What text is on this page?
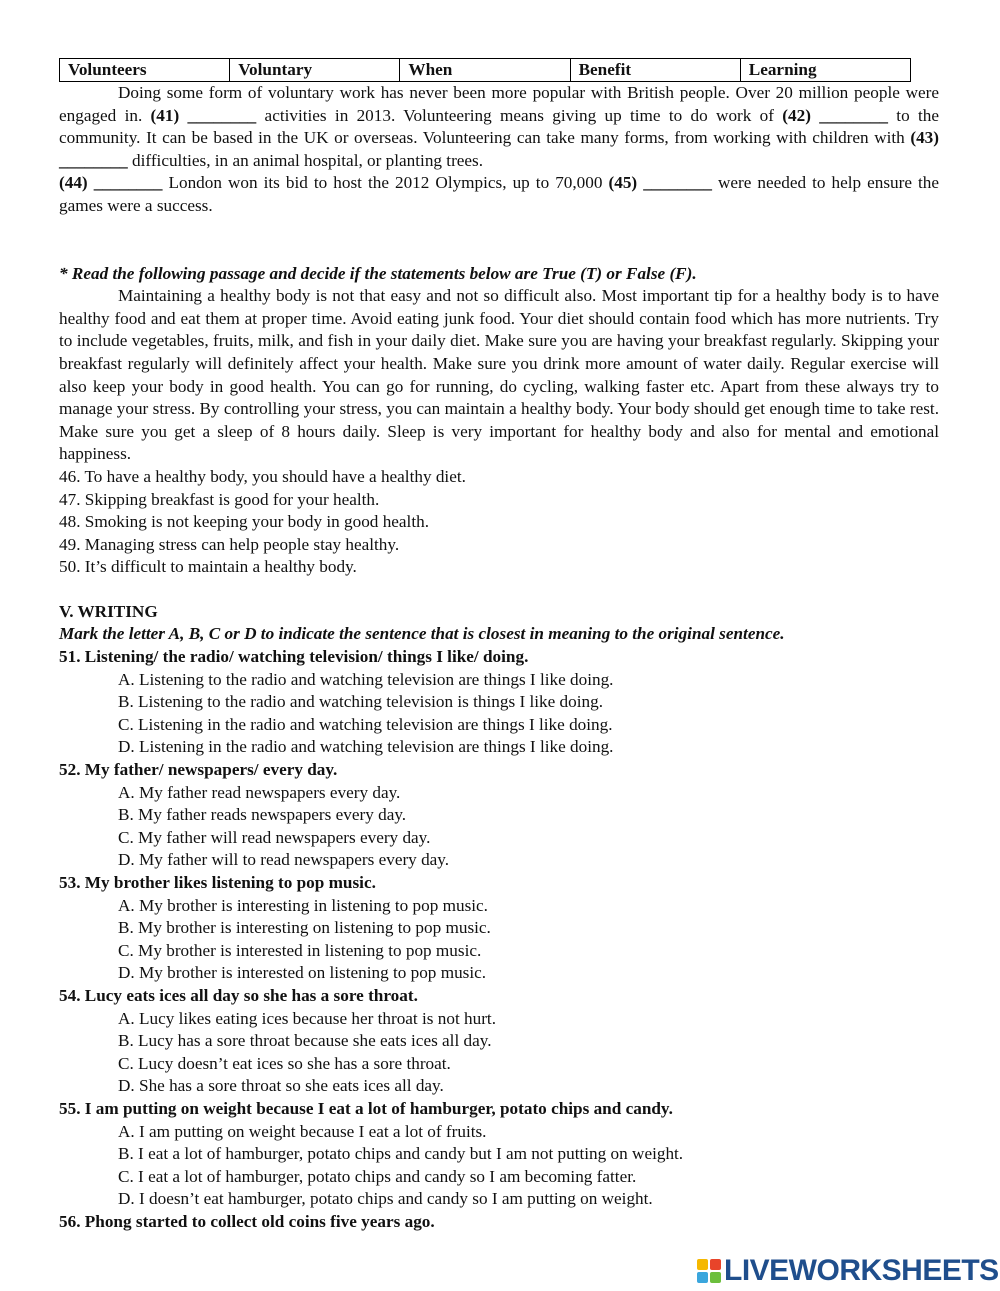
Volunteers	Voluntary	When	Benefit	Learning

Doing some form of voluntary work has never been more popular with British people. Over 20 million people were engaged in. (41) ________ activities in 2013. Volunteering means giving up time to do work of (42) ________ to the community. It can be based in the UK or overseas. Volunteering can take many forms, from working with children with (43) ________ difficulties, in an animal hospital, or planting trees.

(44) ________ London won its bid to host the 2012 Olympics, up to 70,000 (45) ________ were needed to help ensure the games were a success.

* Read the following passage and decide if the statements below are True (T) or False (F).

Maintaining a healthy body is not that easy and not so difficult also. Most important tip for a healthy body is to have healthy food and eat them at proper time. Avoid eating junk food. Your diet should contain food which has more nutrients. Try to include vegetables, fruits, milk, and fish in your daily diet. Make sure you are having your breakfast regularly. Skipping your breakfast regularly will definitely affect your health. Make sure you drink more amount of water daily. Regular exercise will also keep your body in good health. You can go for running, do cycling, walking faster etc. Apart from these always try to manage your stress. By controlling your stress, you can maintain a healthy body. Your body should get enough time to take rest. Make sure you get a sleep of 8 hours daily. Sleep is very important for healthy body and also for mental and emotional happiness.

46. To have a healthy body, you should have a healthy diet.

47. Skipping breakfast is good for your health.

48. Smoking is not keeping your body in good health.

49. Managing stress can help people stay healthy.

50. It’s difficult to maintain a healthy body.

V. WRITING

Mark the letter A, B, C or D to indicate the sentence that is closest in meaning to the original sentence.

51. Listening/ the radio/ watching television/ things I like/ doing.

A. Listening to the radio and watching television are things I like doing.

B. Listening to the radio and watching television is things I like doing.

C. Listening in the radio and watching television are things I like doing.

D. Listening in the radio and watching television are things I like doing.

52. My father/ newspapers/ every day.

A. My father read newspapers every day.

B. My father reads newspapers every day.

C. My father will read newspapers every day.

D. My father will to read newspapers every day.

53. My brother likes listening to pop music.

A. My brother is interesting in listening to pop music.

B. My brother is interesting on listening to pop music.

C. My brother is interested in listening to pop music.

D. My brother is interested on listening to pop music.

54. Lucy eats ices all day so she has a sore throat.

A. Lucy likes eating ices because her throat is not hurt.

B. Lucy has a sore throat because she eats ices all day.

C. Lucy doesn’t eat ices so she has a sore throat.

D. She has a sore throat so she eats ices all day.

55. I am putting on weight because I eat a lot of hamburger, potato chips and candy.

A. I am putting on weight because I eat a lot of fruits.

B. I eat a lot of hamburger, potato chips and candy but I am not putting on weight.

C. I eat a lot of hamburger, potato chips and candy so I am becoming fatter.

D. I doesn’t eat hamburger, potato chips and candy so I am putting on weight.

56. Phong started to collect old coins five years ago.

LIVEWORKSHEETS
